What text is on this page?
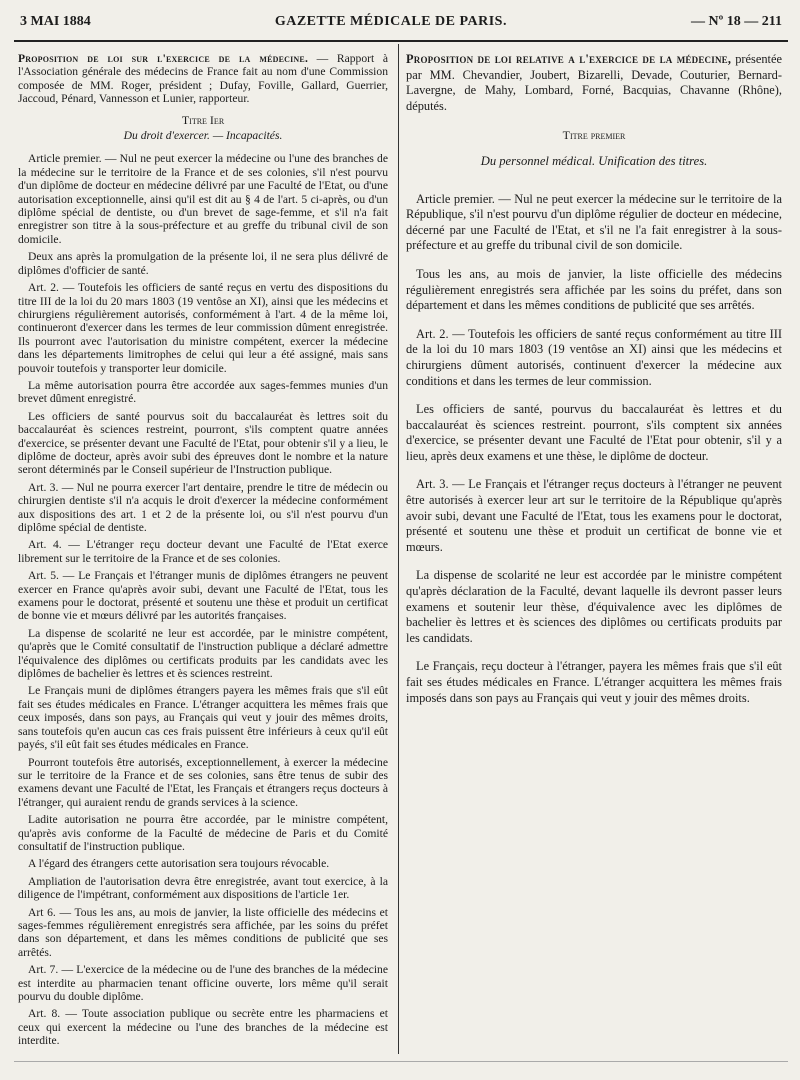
3 MAI 1884	GAZETTE MÉDICALE DE PARIS.	— Nº 18 — 211

Proposition de loi sur l'exercice de la médecine. — Rapport à l'Association générale des médecins de France fait au nom d'une Commission composée de MM. Roger, président ; Dufay, Foville, Gallard, Guerrier, Jaccoud, Pénard, Vannesson et Lunier, rapporteur.

Titre Ier
Du droit d'exercer. — Incapacités.

Article premier. — Nul ne peut exercer la médecine ou l'une des branches de la médecine sur le territoire de la France et de ses colonies, s'il n'est pourvu d'un diplôme de docteur en médecine délivré par une Faculté de l'Etat, ou d'une autorisation exceptionnelle, ainsi qu'il est dit au § 4 de l'art. 5 ci-après, ou d'un diplôme spécial de dentiste, ou d'un brevet de sage-femme, et s'il n'a fait enregistrer son titre à la sous-préfecture et au greffe du tribunal civil de son domicile.

Deux ans après la promulgation de la présente loi, il ne sera plus délivré de diplômes d'officier de santé.

Art. 2. — Toutefois les officiers de santé reçus en vertu des dispositions du titre III de la loi du 20 mars 1803 (19 ventôse an XI), ainsi que les médecins et chirurgiens régulièrement autorisés, conformément à l'art. 4 de la même loi, continueront d'exercer dans les termes de leur commission dûment enregistrée. Ils pourront avec l'autorisation du ministre compétent, exercer la médecine dans les départements limitrophes de celui qui leur a été assigné, mais sans pouvoir toutefois y transporter leur domicile.

La même autorisation pourra être accordée aux sages-femmes munies d'un brevet dûment enregistré.

Les officiers de santé pourvus soit du baccalauréat ès lettres soit du baccalauréat ès sciences restreint, pourront, s'ils comptent quatre années d'exercice, se présenter devant une Faculté de l'Etat, pour obtenir s'il y a lieu, le diplôme de docteur, après avoir subi des épreuves dont le nombre et la nature seront déterminés par le Conseil supérieur de l'Instruction publique.

Art. 3. — Nul ne pourra exercer l'art dentaire, prendre le titre de médecin ou chirurgien dentiste s'il n'a acquis le droit d'exercer la médecine conformément aux dispositions des art. 1 et 2 de la présente loi, ou s'il n'est pourvu d'un diplôme spécial de dentiste.

Art. 4. — L'étranger reçu docteur devant une Faculté de l'Etat exerce librement sur le territoire de la France et de ses colonies.

Art. 5. — Le Français et l'étranger munis de diplômes étrangers ne peuvent exercer en France qu'après avoir subi, devant une Faculté de l'Etat, tous les examens pour le doctorat, présenté et soutenu une thèse et produit un certificat de bonne vie et mœurs délivré par les autorités françaises.

La dispense de scolarité ne leur est accordée, par le ministre compétent, qu'après que le Comité consultatif de l'instruction publique a déclaré admettre l'équivalence des diplômes ou certificats produits par les candidats avec les diplômes de bachelier ès lettres et ès sciences restreint.

Le Français muni de diplômes étrangers payera les mêmes frais que s'il eût fait ses études médicales en France. L'étranger acquittera les mêmes frais que ceux imposés, dans son pays, au Français qui veut y jouir des mêmes droits, sans toutefois qu'en aucun cas ces frais puissent être inférieurs à ceux qu'il eût payés, s'il eût fait ses études médicales en France.

Pourront toutefois être autorisés, exceptionnellement, à exercer la médecine sur le territoire de la France et de ses colonies, sans être tenus de subir des examens devant une Faculté de l'Etat, les Français et étrangers reçus docteurs à l'étranger, qui auraient rendu de grands services à la science.

Ladite autorisation ne pourra être accordée, par le ministre compétent, qu'après avis conforme de la Faculté de médecine de Paris et du Comité consultatif de l'instruction publique.

A l'égard des étrangers cette autorisation sera toujours révocable.

Ampliation de l'autorisation devra être enregistrée, avant tout exercice, à la diligence de l'impétrant, conformément aux dispositions de l'article 1er.

Art 6. — Tous les ans, au mois de janvier, la liste officielle des médecins et sages-femmes régulièrement enregistrés sera affichée, par les soins du préfet dans son département, et dans les mêmes conditions de publicité que ses arrêtés.

Art. 7. — L'exercice de la médecine ou de l'une des branches de la médecine est interdite au pharmacien tenant officine ouverte, lors même qu'il serait pourvu du double diplôme.

Art. 8. — Toute association publique ou secrète entre les pharmaciens et ceux qui exercent la médecine ou l'une des branches de la médecine est interdite.

Proposition de loi relative a l'exercice de la médecine, présentée par MM. Chevandier, Joubert, Bizarelli, Devade, Couturier, Bernard-Lavergne, de Mahy, Lombard, Forné, Bacquias, Chavanne (Rhône), députés.

Titre premier
Du personnel médical. Unification des titres.

Article premier. — Nul ne peut exercer la médecine sur le territoire de la République, s'il n'est pourvu d'un diplôme régulier de docteur en médecine, décerné par une Faculté de l'Etat, et s'il ne l'a fait enregistrer à la sous-préfecture et au greffe du tribunal civil de son domicile.

Tous les ans, au mois de janvier, la liste officielle des médecins régulièrement enregistrés sera affichée par les soins du préfet, dans son département et dans les mêmes conditions de publicité que ses arrêtés.

Art. 2. — Toutefois les officiers de santé reçus conformément au titre III de la loi du 10 mars 1803 (19 ventôse an XI) ainsi que les médecins et chirurgiens dûment autorisés, continuent d'exercer la médecine aux conditions et dans les termes de leur commission.

Les officiers de santé, pourvus du baccalauréat ès lettres et du baccalauréat ès sciences restreint. pourront, s'ils comptent six années d'exercice, se présenter devant une Faculté de l'Etat pour obtenir, s'il y a lieu, après deux examens et une thèse, le diplôme de docteur.

Art. 3. — Le Français et l'étranger reçus docteurs à l'étranger ne peuvent être autorisés à exercer leur art sur le territoire de la République qu'après avoir subi, devant une Faculté de l'Etat, tous les examens pour le doctorat, présenté et soutenu une thèse et produit un certificat de bonne vie et mœurs.

La dispense de scolarité ne leur est accordée par le ministre compétent qu'après déclaration de la Faculté, devant laquelle ils devront passer leurs examens et soutenir leur thèse, d'équivalence avec les diplômes de bachelier ès lettres et ès sciences des diplômes ou certificats produits par les candidats.

Le Français, reçu docteur à l'étranger, payera les mêmes frais que s'il eût fait ses études médicales en France. L'étranger acquittera les mêmes frais imposés dans son pays au Français qui veut y jouir des mêmes droits.
